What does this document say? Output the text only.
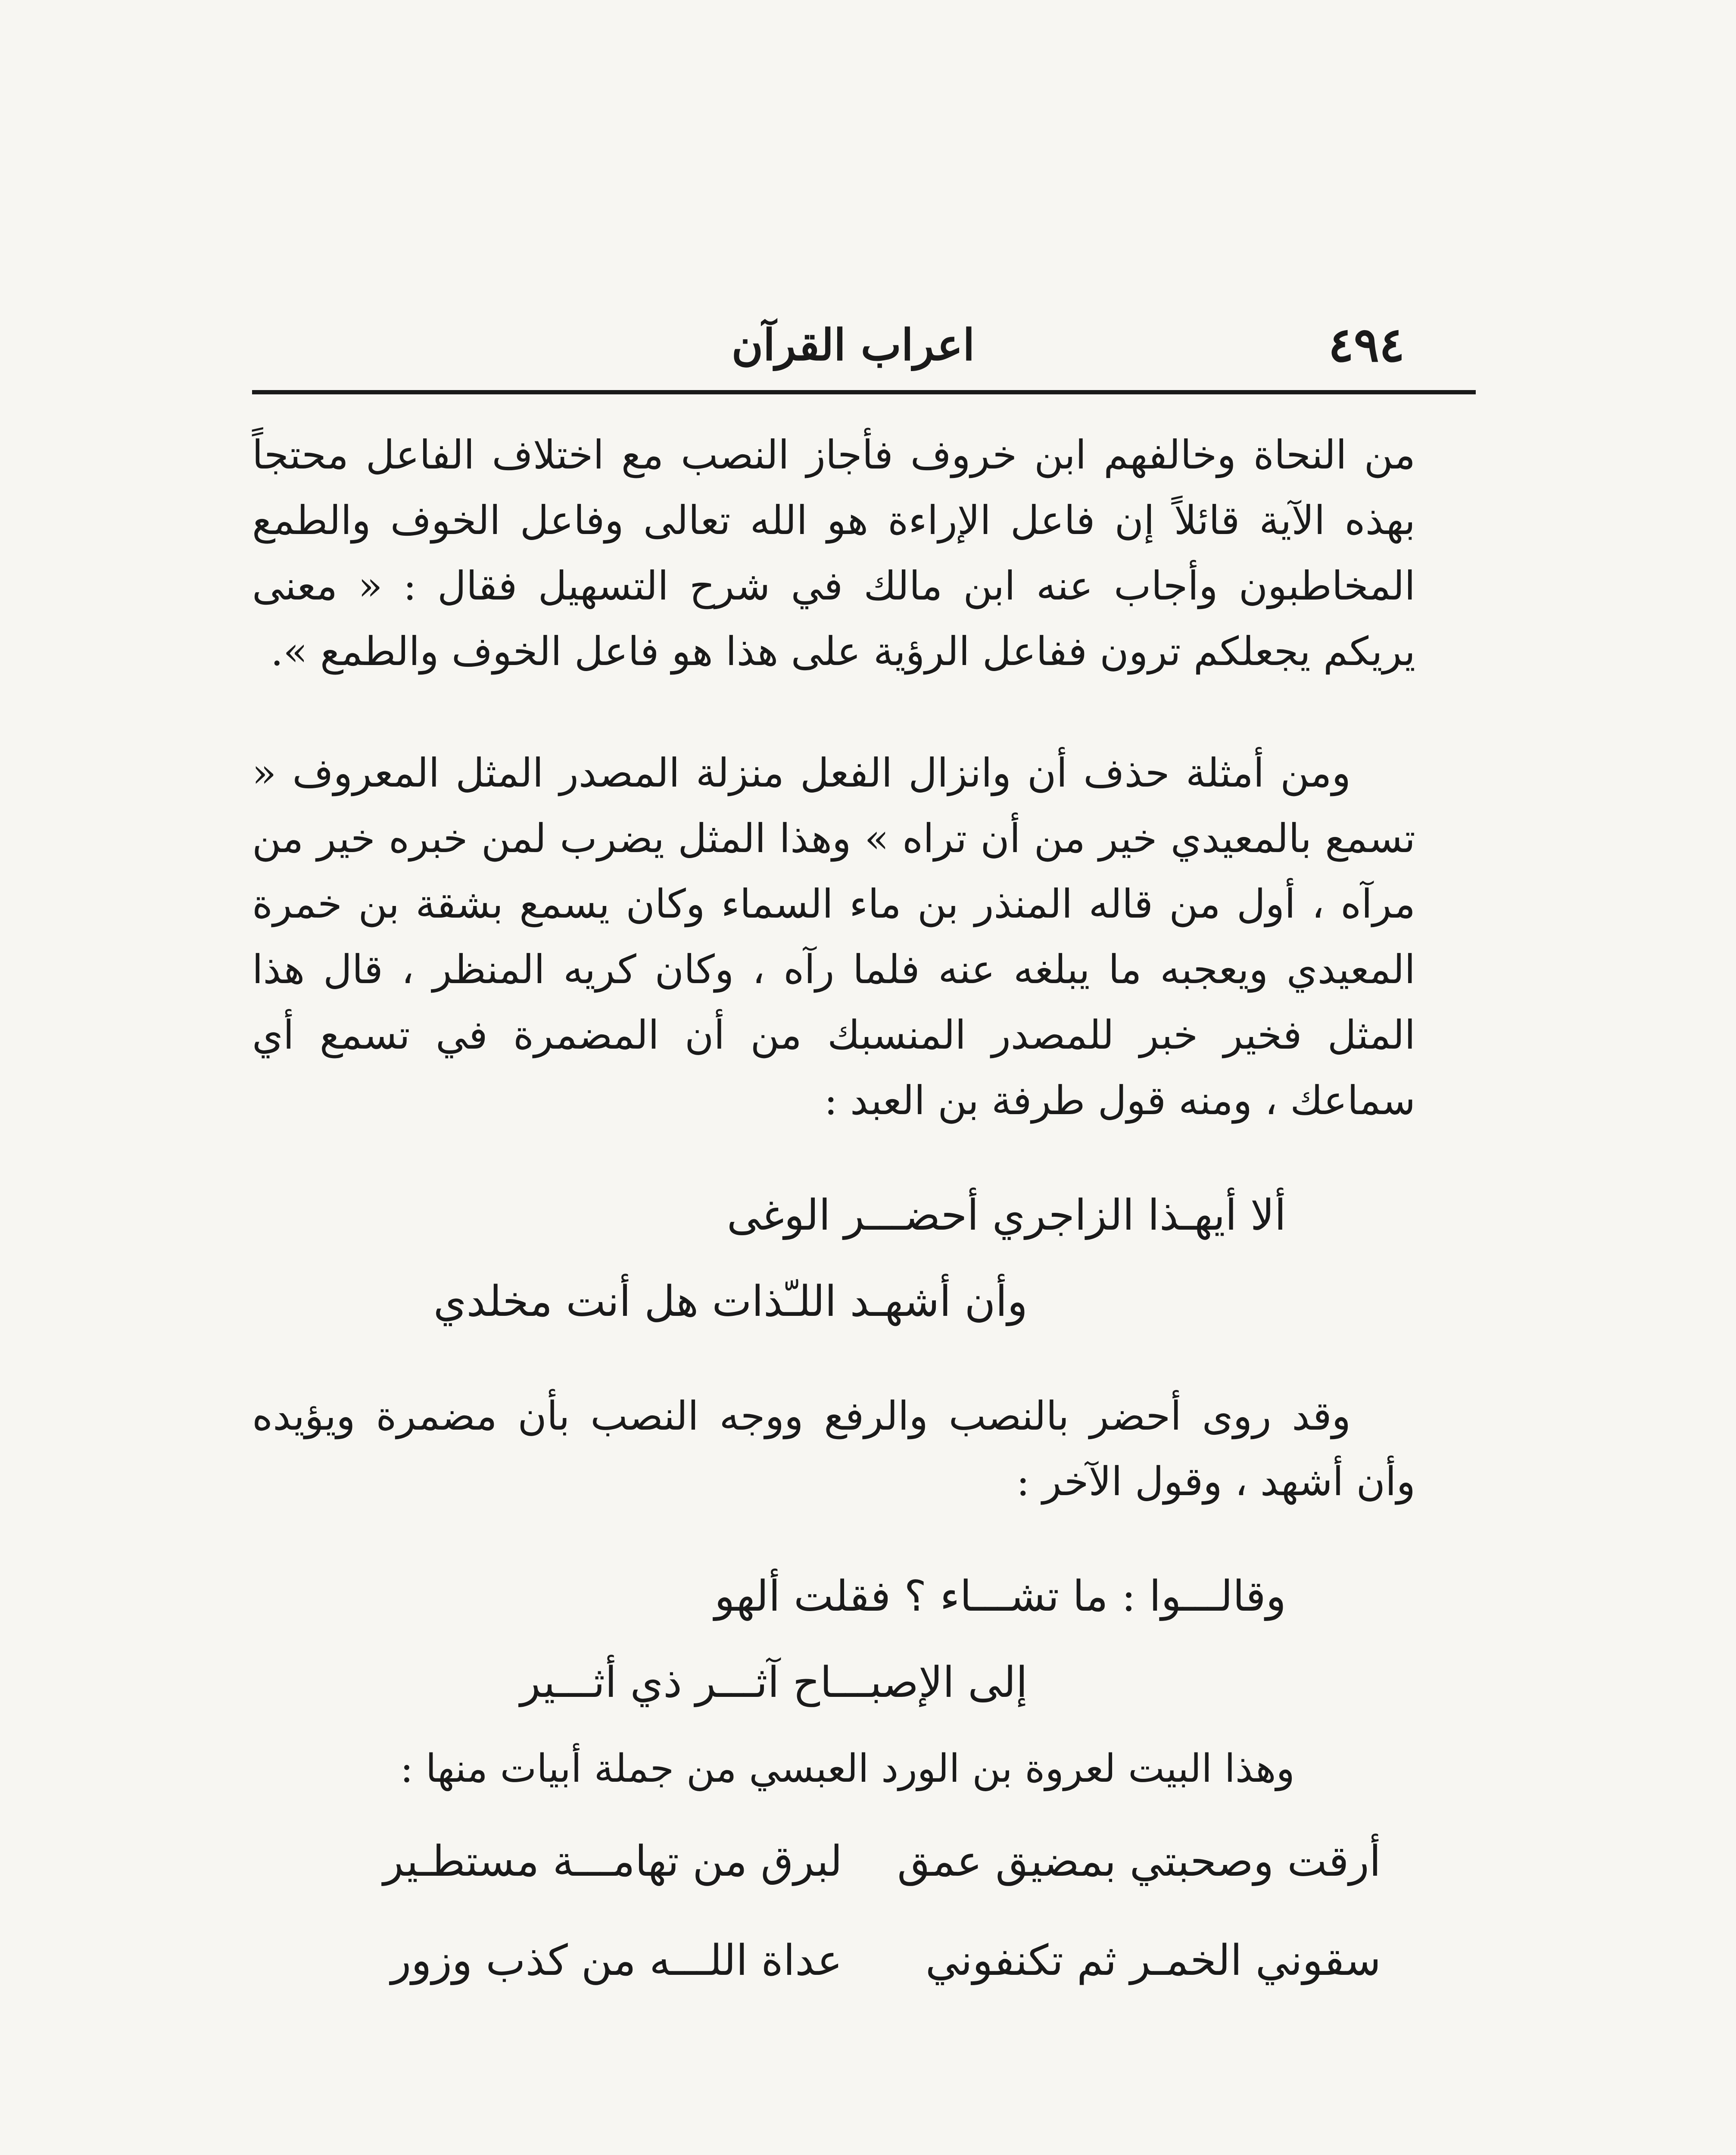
اعراب القرآن	٤٩٤

من النحاة وخالفهم ابن خروف فأجاز النصب مع اختلاف الفاعل محتجاً بهذه الآية قائلاً إن فاعل الإراءة هو الله تعالى وفاعل الخوف والطمع المخاطبون وأجاب عنه ابن مالك في شرح التسهيل فقال : « معنى يريكم يجعلكم ترون ففاعل الرؤية على هذا هو فاعل الخوف والطمع ».

ومن أمثلة حذف أن وانزال الفعل منزلة المصدر المثل المعروف « تسمع بالمعيدي خير من أن تراه » وهذا المثل يضرب لمن خبره خير من مرآه ، أول من قاله المنذر بن ماء السماء وكان يسمع بشقة بن خمرة المعيدي ويعجبه ما يبلغه عنه فلما رآه ، وكان كريه المنظر ، قال هذا المثل فخير خبر للمصدر المنسبك من أن المضمرة في تسمع أي سماعك ، ومنه قول طرفة بن العبد :

ألا أيهـذا الزاجري أحضـــر الوغى

وأن أشهـد اللـّذات هل أنت مخلدي

وقد روى أحضر بالنصب والرفع ووجه النصب بأن مضمرة ويؤيده وأن أشهد ، وقول الآخر :

وقالـــوا : ما تشـــاء ؟ فقلت ألهو

إلى الإصبـــاح آثـــر ذي أثـــير

وهذا البيت لعروة بن الورد العبسي من جملة أبيات منها :

أرقت وصحبتي بمضيق عمق
لبرق من تهامـــة مستطـير
سقوني الخمـر ثم تكنفوني
عداة اللـــه من كذب وزور
